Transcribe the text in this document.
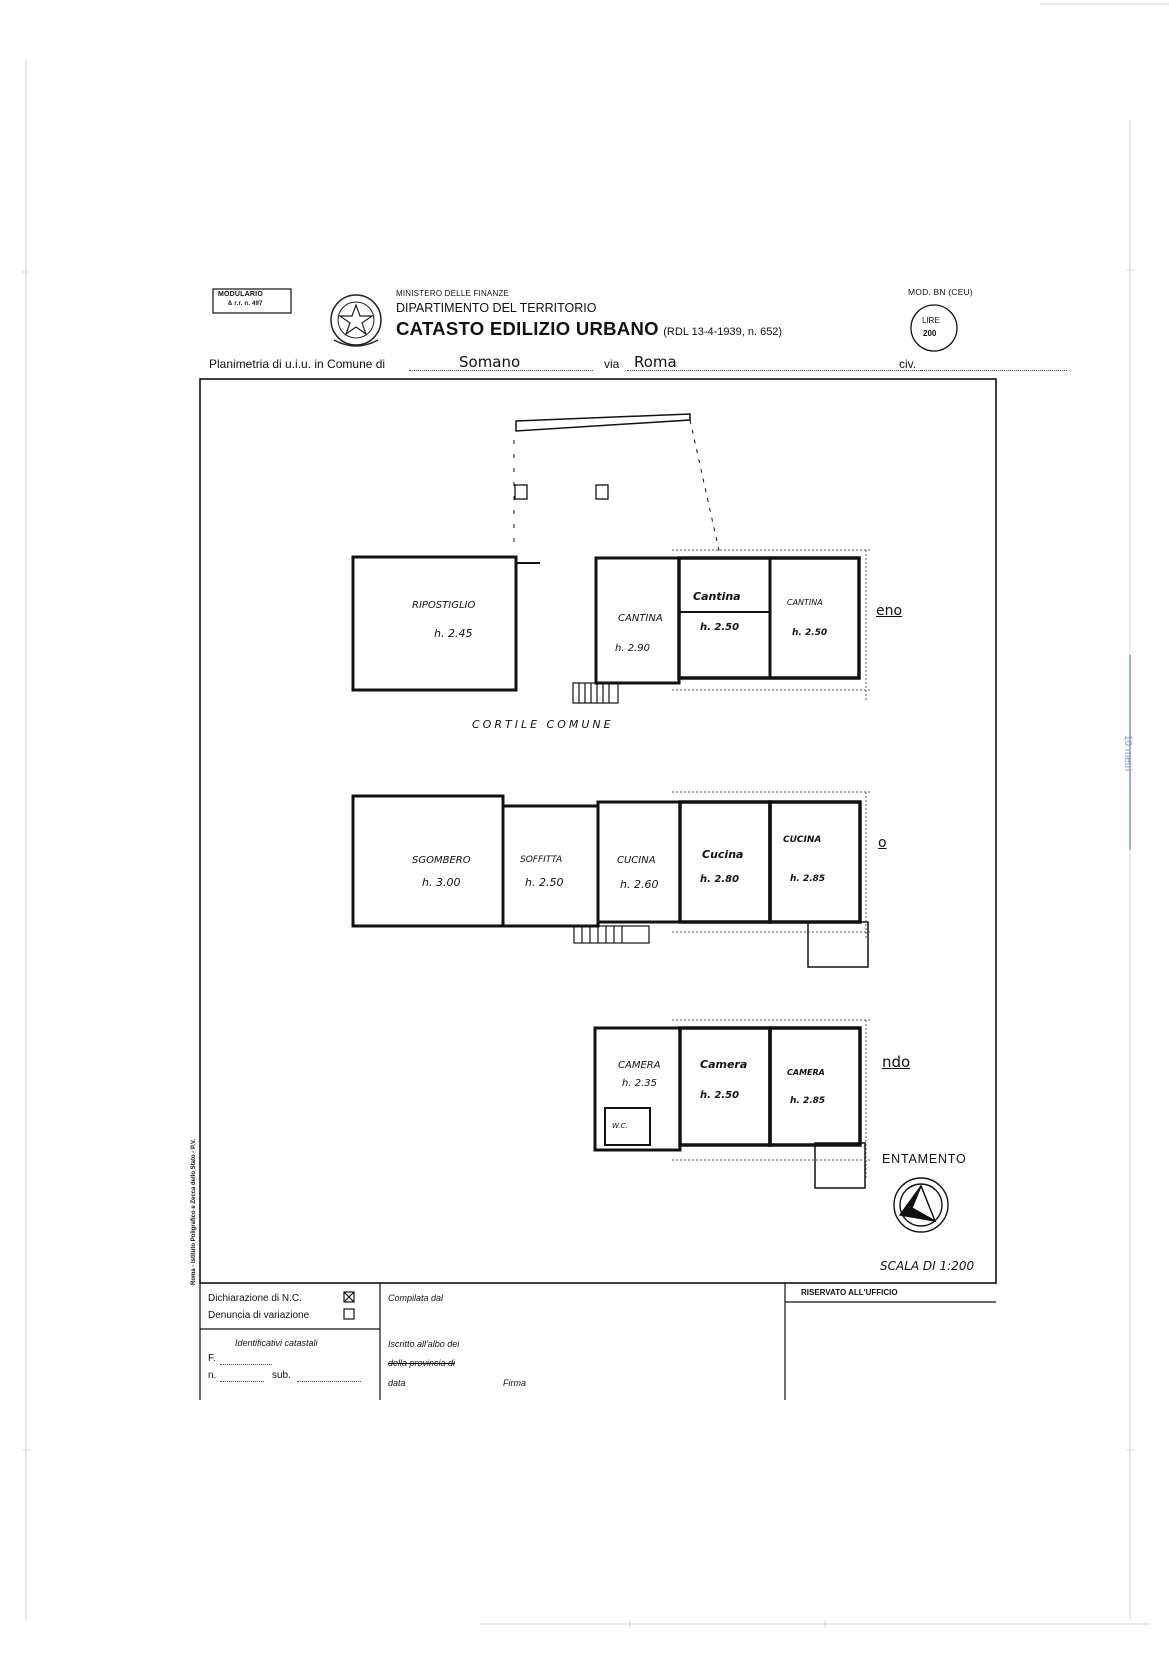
MODULARIO
& r.r. n. 497
MINISTERO DELLE FINANZE
DIPARTIMENTO DEL TERRITORIO
CATASTO EDILIZIO URBANO (RDL 13-4-1939, n. 652)
MOD. BN (CEU)
LIRE
200
Planimetria di u.i.u. in Comune di	Somano	via Roma	civ.
RIPOSTIGLIO
h. 2.45
CANTINA
h. 2.90
Cantina
h. 2.50
CANTINA
h. 2.50
eno
CORTILE COMUNE
SGOMBERO
h. 3.00
SOFFITTA
h. 2.50
CUCINA
h. 2.60
Cucina
h. 2.80
CUCINA
h. 2.85
o
CAMERA
h. 2.35
Camera
h. 2.50
CAMERA
h. 2.85
W.C.
ndo
ENTAMENTO
SCALA DI 1:200
Roma - Istituto Poligrafico e Zecca dello Stato - P.V.
10 metri
Dichiarazione di N.C.
Denuncia di variazione
Identificativi catastali
F.
n.	sub.
Compilata dal
Iscritto all'albo dei
della provincia di
data	Firma
RISERVATO ALL'UFFICIO
